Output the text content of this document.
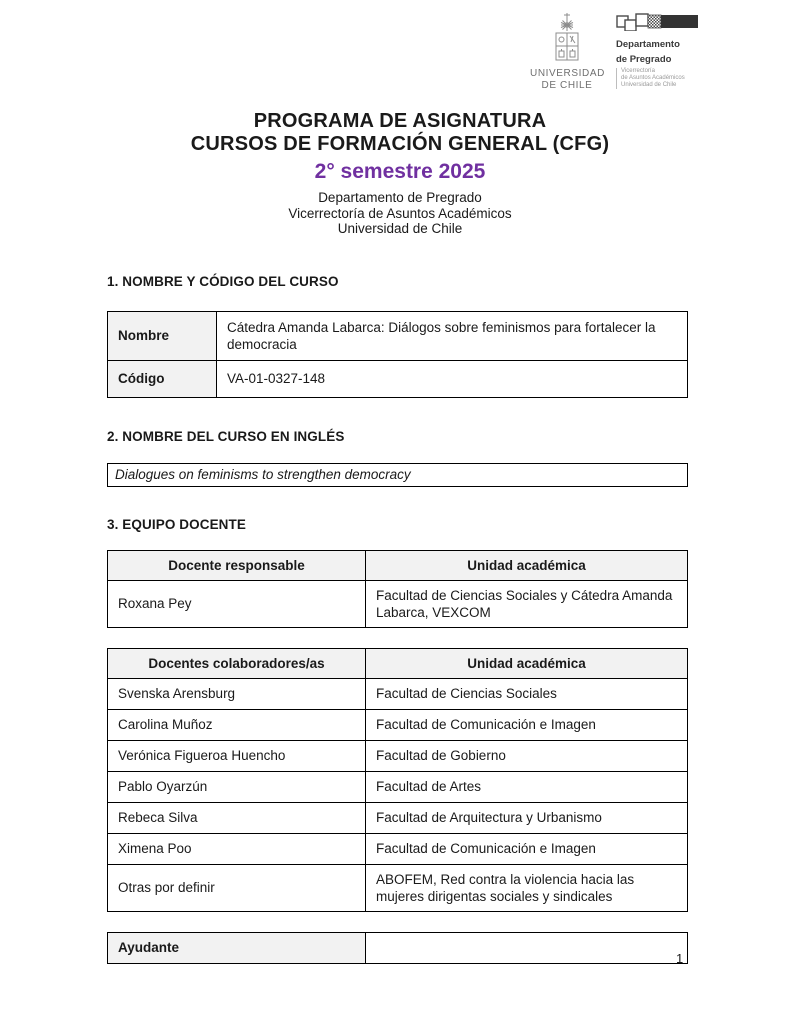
UNIVERSIDAD
DE CHILE
Departamento
de Pregrado
Vicerrectoría
de Asuntos Académicos
Universidad de Chile
PROGRAMA DE ASIGNATURA
CURSOS DE FORMACIÓN GENERAL (CFG)
2° semestre 2025
Departamento de Pregrado
Vicerrectoría de Asuntos Académicos
Universidad de Chile
1. NOMBRE Y CÓDIGO DEL CURSO
Nombre	Cátedra Amanda Labarca: Diálogos sobre feminismos para fortalecer la democracia
Código	VA-01-0327-148
2. NOMBRE DEL CURSO EN INGLÉS
Dialogues on feminisms to strengthen democracy
3. EQUIPO DOCENTE
Docente responsable	Unidad académica
Roxana Pey	Facultad de Ciencias Sociales y Cátedra Amanda Labarca, VEXCOM
Docentes colaboradores/as	Unidad académica
Svenska Arensburg	Facultad de Ciencias Sociales
Carolina Muñoz	Facultad de Comunicación e Imagen
Verónica Figueroa Huencho	Facultad de Gobierno
Pablo Oyarzún	Facultad de Artes
Rebeca Silva	Facultad de Arquitectura y Urbanismo
Ximena Poo	Facultad de Comunicación e Imagen
Otras por definir	ABOFEM, Red contra la violencia hacia las mujeres dirigentas sociales y sindicales
Ayudante	
1
